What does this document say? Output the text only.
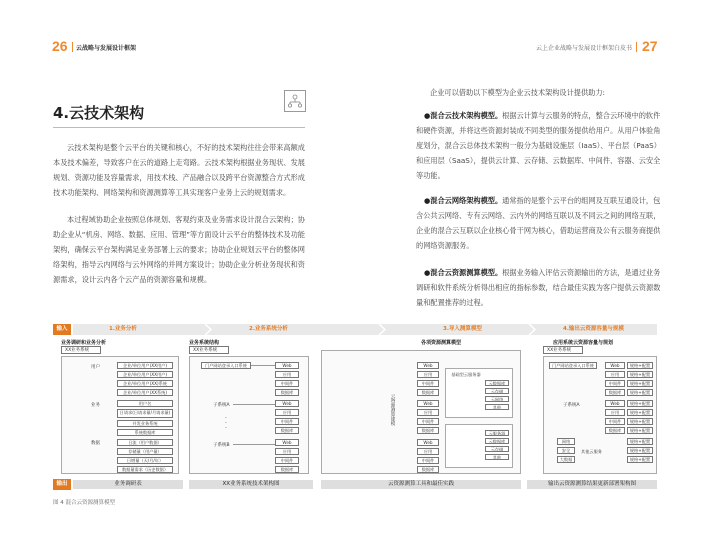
26 云战略与发展设计框架	云上企业战略与发展设计框架白皮书 27
4.云技术架构

云技术架构是整个云平台的关键和核心，不好的技术架构往往会带来高额成本及技术偏差，导致客户在云的道路上走弯路。云技术架构根据业务现状、发展规划、资源功能及容量需求，用技术栈、产品融合以及跨平台资源整合方式形成技术功能架构、网络架构和资源测算等工具实现客户业务上云的规划需求。

本过程域协助企业按照总体规划、客观约束及业务需求设计混合云架构；协助企业从“机房、网络、数据、应用、管理”等方面设计云平台的整体技术及功能架构，确保云平台架构满足业务部署上云的要求；协助企业规划云平台的整体网络架构，指导云内网络与云外网络的并网方案设计；协助企业分析业务现状和资源需求，设计云内各个云产品的资源容量和规模。

企业可以借助以下模型为企业云技术架构设计提供助力:

●混合云技术架构模型。根据云计算与云服务的特点，整合云环境中的软件和硬件资源，并将这些资源封装成不同类型的服务提供给用户。从用户体验角度划分，混合云总体技术架构一般分为基础设施层（IaaS）、平台层（PaaS）和应用层（SaaS），提供云计算、云存储、云数据库、中间件、容器、云安全等功能。

●混合云网络架构模型。通常指的是整个云平台的组网及互联互通设计，包含公共云网络、专有云网络、云内外的网络互联以及不同云之间的网络互联，企业的混合云互联以企业核心骨干网为核心，借助运营商及公有云服务商提供的网络资源服务。

●混合云资源测算模型。根据业务输入评估云资源输出的方法，是通过业务调研和软件系统分析得出相应的指标参数，结合最佳实践为客户提供云资源数量和配置推荐的过程。

输入	1.业务分析	2.业务系统分析	3.导入测算模型	4.输出云资源容量与规模
业务调研和业务分析	业务系统结构	各项资源测算模型	应用系统云资源容量与规划
XX业务系统
用户
业务
数据
企业/单位用户(XX用户)
企业/单位用户(XX用户)
企业/单位用户(XX)系统
企业/单位用户(XX系统)
用户名
日请求(日请求量/月请求量)
并发业务系统
系统数据库
日流（用户数据）
存储量（用户量）
日增量（天/月/年）
数据量需求（历史数据）
XX业务系统
门户网站登录入口系统
子系统A
子系统B
·
·
·
Web
应用
中间件
数据库
Web
应用
中间件
数据库
Web
应用
中间件
数据库
云资源测算建模
Web
应用
中间件
数据库
Web
应用
中间件
数据库
Web
应用
中间件
数据库
基础型云服务器
云数据库
云存储
云网络
其他
云服务器
云数据库
云存储
其他
XX业务系统
门户网站登录入口系统
子系统A
网络
安全
大数据
其他云服务
Web	规格+配置
应用	规格+配置
中间件	规格+配置
数据库	规格+配置
Web	规格+配置
应用	规格+配置
中间件	规格+配置
数据库	规格+配置
规格+配置
规格+配置
规格+配置
输出	业务调研表	XX业务系统技术架构图	云资源测算工具和最佳实践	输出云资源测算结果更新部署架构图
图 4 混合云资源测算模型
